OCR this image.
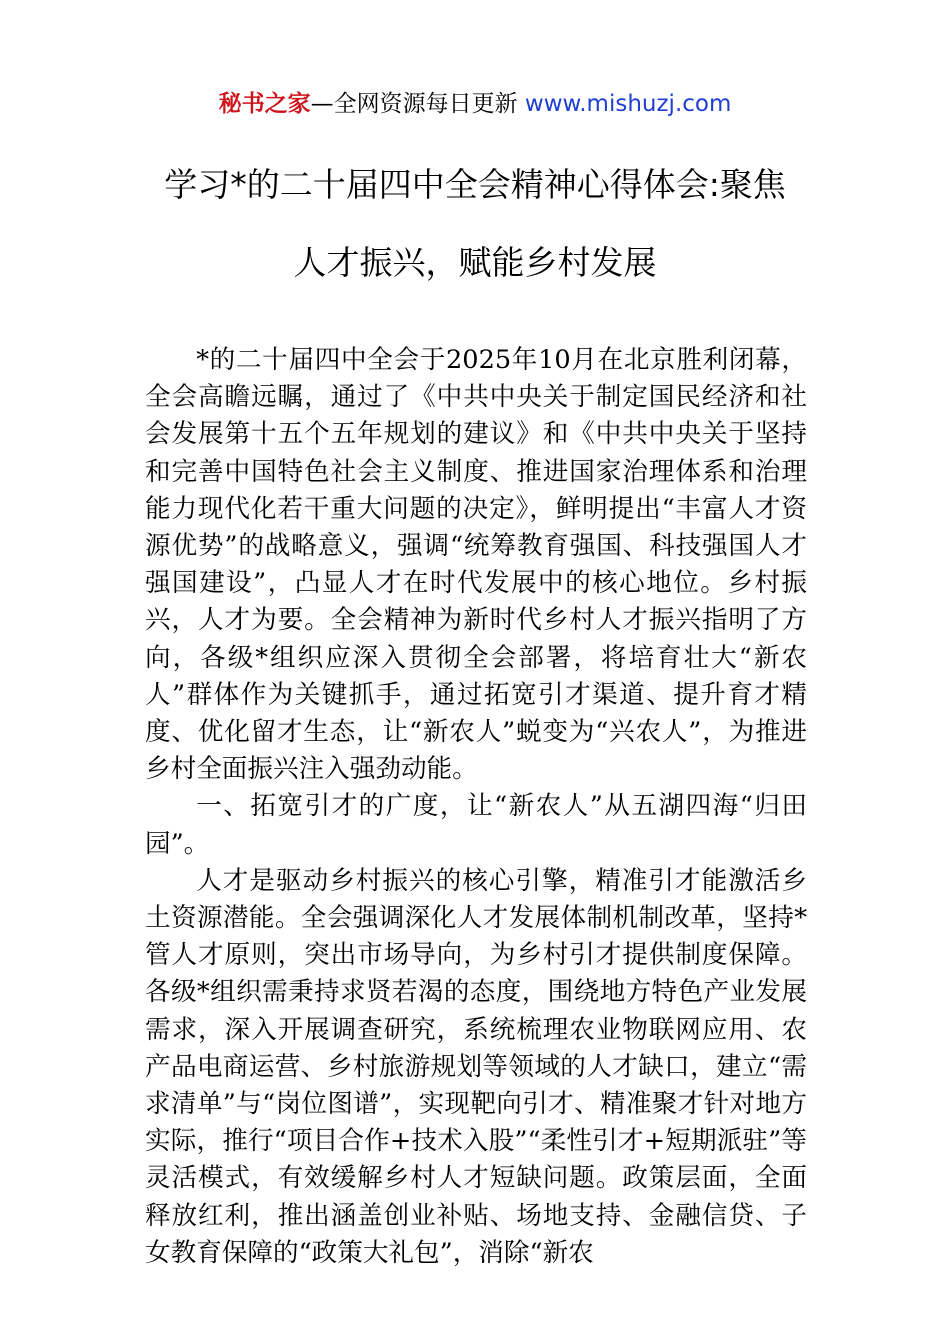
秘书之家—全网资源每日更新 www.mishuzj.com
学习*的二十届四中全会精神心得体会:聚焦
人才振兴，赋能乡村发展

*的二十届四中全会于2025年10月在北京胜利闭幕，全会高瞻远瞩，通过了《中共中央关于制定国民经济和社会发展第十五个五年规划的建议》和《中共中央关于坚持和完善中国特色社会主义制度、推进国家治理体系和治理能力现代化若干重大问题的决定》，鲜明提出“丰富人才资源优势”的战略意义，强调“统筹教育强国、科技强国人才强国建设”，凸显人才在时代发展中的核心地位。乡村振兴，人才为要。全会精神为新时代乡村人才振兴指明了方向，各级*组织应深入贯彻全会部署，将培育壮大“新农人”群体作为关键抓手，通过拓宽引才渠道、提升育才精度、优化留才生态，让“新农人”蜕变为“兴农人”，为推进乡村全面振兴注入强劲动能。

一、拓宽引才的广度，让“新农人”从五湖四海“归田园”。

人才是驱动乡村振兴的核心引擎，精准引才能激活乡土资源潜能。全会强调深化人才发展体制机制改革，坚持*管人才原则，突出市场导向，为乡村引才提供制度保障。各级*组织需秉持求贤若渴的态度，围绕地方特色产业发展需求，深入开展调查研究，系统梳理农业物联网应用、农产品电商运营、乡村旅游规划等领域的人才缺口，建立“需求清单”与“岗位图谱”，实现靶向引才、精准聚才针对地方实际，推行“项目合作+技术入股”“柔性引才+短期派驻”等灵活模式，有效缓解乡村人才短缺问题。政策层面，全面释放红利，推出涵盖创业补贴、场地支持、金融信贷、子女教育保障的“政策大礼包”，消除“新农
